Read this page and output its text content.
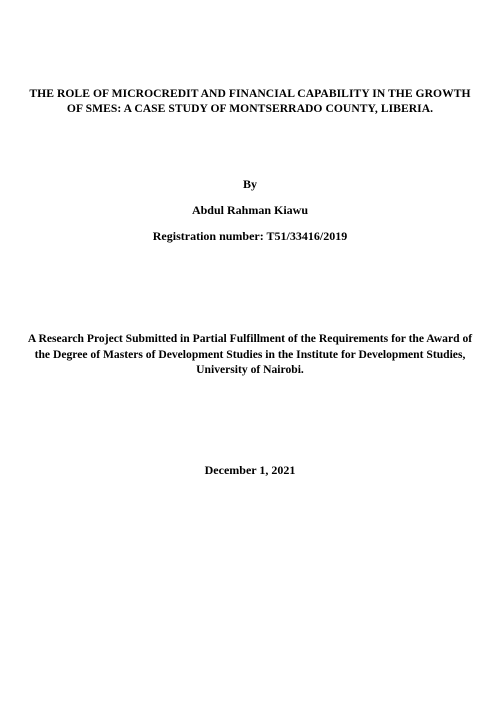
THE ROLE OF MICROCREDIT AND FINANCIAL CAPABILITY IN THE GROWTH
OF SMES: A CASE STUDY OF MONTSERRADO COUNTY, LIBERIA.
By
Abdul Rahman Kiawu
Registration number: T51/33416/2019
A Research Project Submitted in Partial Fulfillment of the Requirements for the Award of
the Degree of Masters of Development Studies in the Institute for Development Studies,
University of Nairobi.
December 1, 2021
